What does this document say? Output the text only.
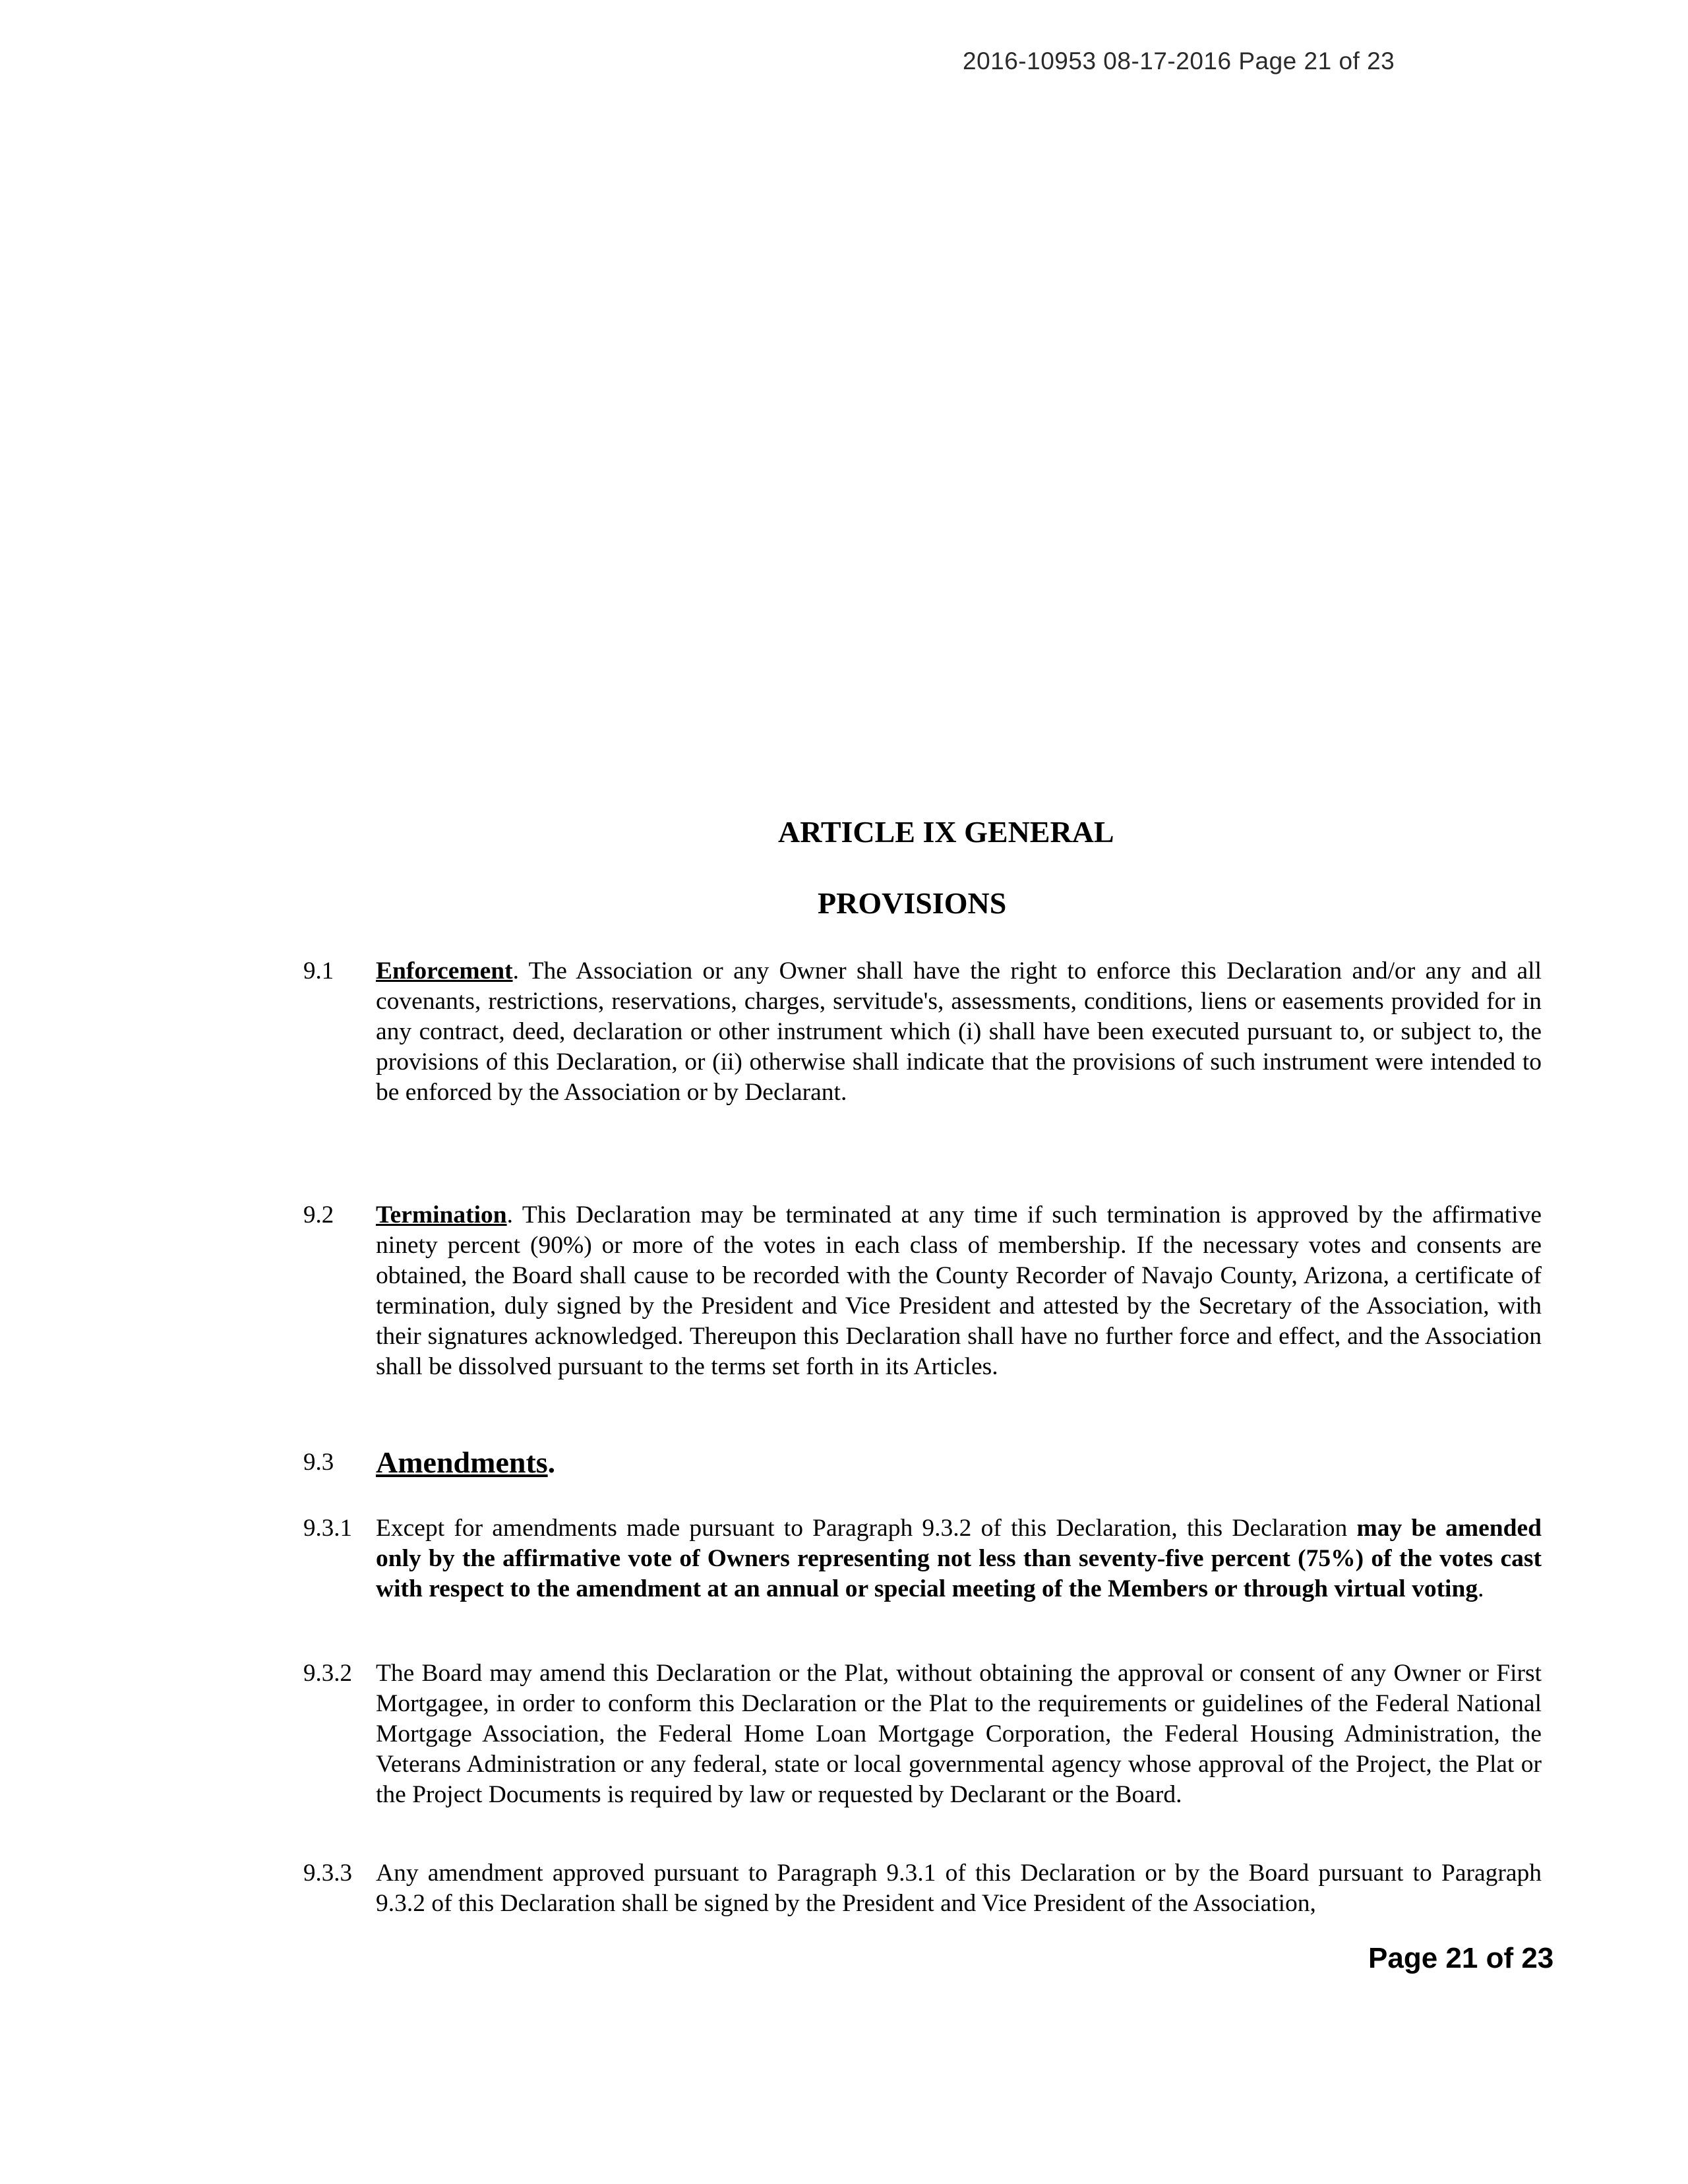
2016-10953 08-17-2016 Page 21 of 23
ARTICLE IX GENERAL
PROVISIONS
9.1 Enforcement. The Association or any Owner shall have the right to enforce this Declaration and/or any and all covenants, restrictions, reservations, charges, servitude's, assessments, conditions, liens or easements provided for in any contract, deed, declaration or other instrument which (i) shall have been executed pursuant to, or subject to, the provisions of this Declaration, or (ii) otherwise shall indicate that the provisions of such instrument were intended to be enforced by the Association or by Declarant.
9.2 Termination. This Declaration may be terminated at any time if such termination is approved by the affirmative ninety percent (90%) or more of the votes in each class of membership. If the necessary votes and consents are obtained, the Board shall cause to be recorded with the County Recorder of Navajo County, Arizona, a certificate of termination, duly signed by the President and Vice President and attested by the Secretary of the Association, with their signatures acknowledged. Thereupon this Declaration shall have no further force and effect, and the Association shall be dissolved pursuant to the terms set forth in its Articles.
9.3 Amendments.
9.3.1 Except for amendments made pursuant to Paragraph 9.3.2 of this Declaration, this Declaration may be amended only by the affirmative vote of Owners representing not less than seventy-five percent (75%) of the votes cast with respect to the amendment at an annual or special meeting of the Members or through virtual voting.
9.3.2 The Board may amend this Declaration or the Plat, without obtaining the approval or consent of any Owner or First Mortgagee, in order to conform this Declaration or the Plat to the requirements or guidelines of the Federal National Mortgage Association, the Federal Home Loan Mortgage Corporation, the Federal Housing Administration, the Veterans Administration or any federal, state or local governmental agency whose approval of the Project, the Plat or the Project Documents is required by law or requested by Declarant or the Board.
9.3.3 Any amendment approved pursuant to Paragraph 9.3.1 of this Declaration or by the Board pursuant to Paragraph 9.3.2 of this Declaration shall be signed by the President and Vice President of the Association,
Page 21 of 23
